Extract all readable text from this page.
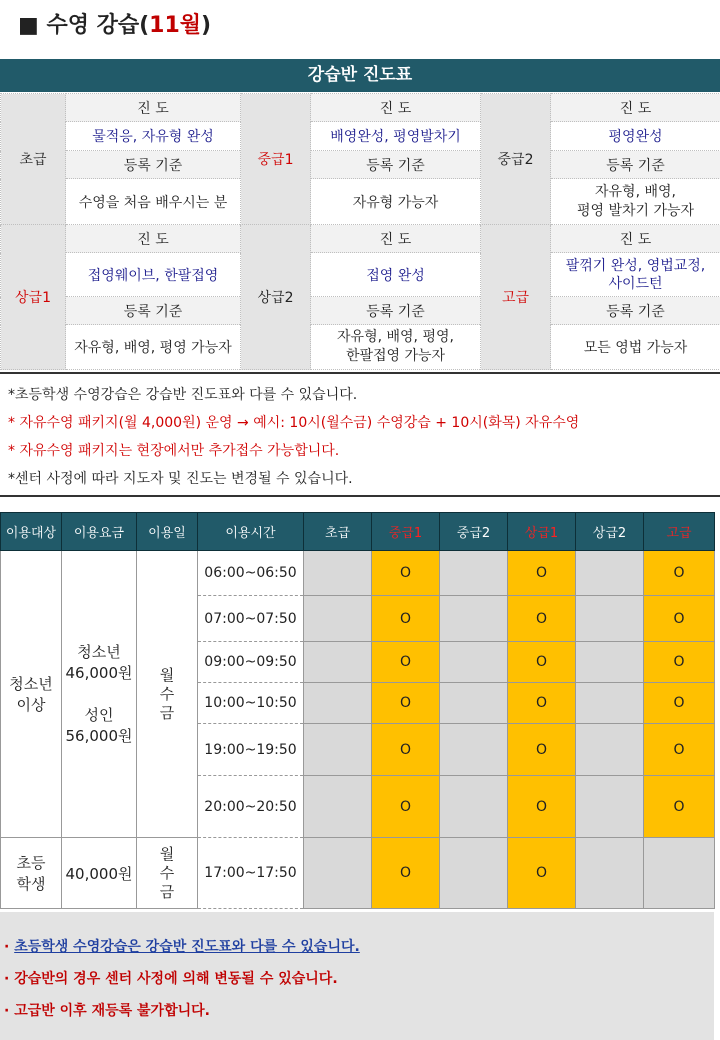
■ 수영 강습(11월)
강습반 진도표
초급	진 도	중급1	진 도	중급2	진 도
	물적응, 자유형 완성		배영완성, 평영발차기		평영완성
	등록 기준		등록 기준		등록 기준
	수영을 처음 배우시는 분		자유형 가능자		자유형, 배영,
평영 발차기 가능자
상급1	진 도	상급2	진 도	고급	진 도
	접영웨이브, 한팔접영		접영 완성		팔꺾기 완성, 영법교정,
사이드턴
	등록 기준		등록 기준		등록 기준
	자유형, 배영, 평영 가능자		자유형, 배영, 평영,
한팔접영 가능자		모든 영법 가능자
*초등학생 수영강습은 강습반 진도표와 다를 수 있습니다.
* 자유수영 패키지(월 4,000원) 운영 → 예시: 10시(월수금) 수영강습 + 10시(화목) 자유수영
* 자유수영 패키지는 현장에서만 추가접수 가능합니다.
*센터 사정에 따라 지도자 및 진도는 변경될 수 있습니다.
이용대상	이용요금	이용일	이용시간	초급	중급1	중급2	상급1	상급2	고급
청소년
이상	청소년
46,000원

성인
56,000원	월
수
금	06:00~06:50		O		O		O
			07:00~07:50		O		O		O
			09:00~09:50		O		O		O
			10:00~10:50		O		O		O
			19:00~19:50		O		O		O
			20:00~20:50		O		O		O
초등
학생	40,000원	월
수
금	17:00~17:50		O		O		
· 초등학생 수영강습은 강습반 진도표와 다를 수 있습니다.
· 강습반의 경우 센터 사정에 의해 변동될 수 있습니다.
· 고급반 이후 재등록 불가합니다.
